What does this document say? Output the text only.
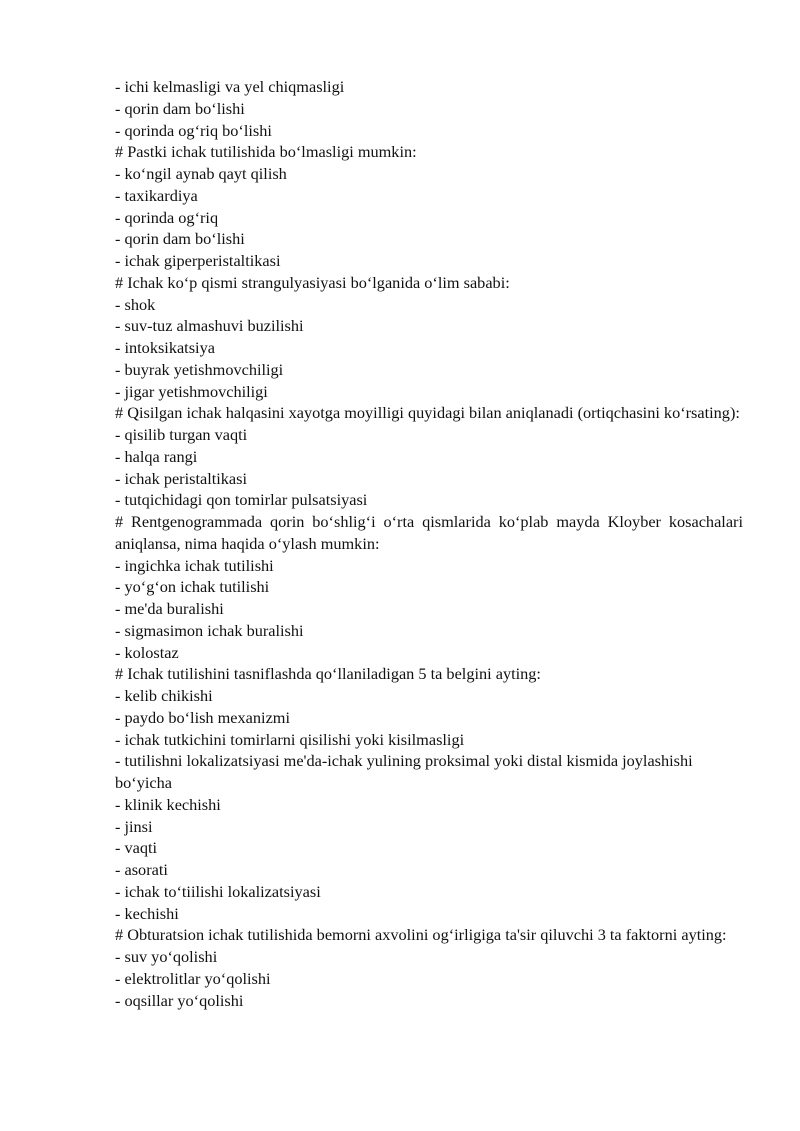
- ichi kelmasligi va yel chiqmasligi

- qorin dam bo‘lishi

- qorinda og‘riq bo‘lishi

# Pastki ichak tutilishida bo‘lmasligi mumkin:

- ko‘ngil aynab qayt qilish

- taxikardiya

- qorinda og‘riq

- qorin dam bo‘lishi

- ichak giperperistaltikasi

# Ichak ko‘p qismi strangulyasiyasi bo‘lganida o‘lim sababi:

- shok

- suv-tuz almashuvi buzilishi

- intoksikatsiya

- buyrak yetishmovchiligi

- jigar yetishmovchiligi

# Qisilgan ichak halqasini xayotga moyilligi quyidagi bilan aniqlanadi (ortiqchasini ko‘rsating):

- qisilib turgan vaqti

- halqa rangi

- ichak peristaltikasi

- tutqichidagi qon tomirlar pulsatsiyasi

# Rentgenogrammada qorin bo‘shlig‘i o‘rta qismlarida ko‘plab mayda Kloyber kosachalari aniqlansa, nima haqida o‘ylash mumkin:

- ingichka ichak tutilishi

- yo‘g‘on ichak tutilishi

- me'da buralishi

- sigmasimon ichak buralishi

- kolostaz

# Ichak tutilishini tasniflashda qo‘llaniladigan 5 ta belgini ayting:

- kelib chikishi

- paydo bo‘lish mexanizmi

- ichak tutkichini tomirlarni qisilishi yoki kisilmasligi

- tutilishni lokalizatsiyasi me'da-ichak yulining proksimal yoki distal kismida joylashishi bo‘yicha

- klinik kechishi

- jinsi

- vaqti

- asorati

- ichak to‘tiilishi lokalizatsiyasi

- kechishi

# Obturatsion ichak tutilishida bemorni axvolini og‘irligiga ta'sir qiluvchi 3 ta faktorni ayting:

- suv yo‘qolishi

- elektrolitlar yo‘qolishi

- oqsillar yo‘qolishi
